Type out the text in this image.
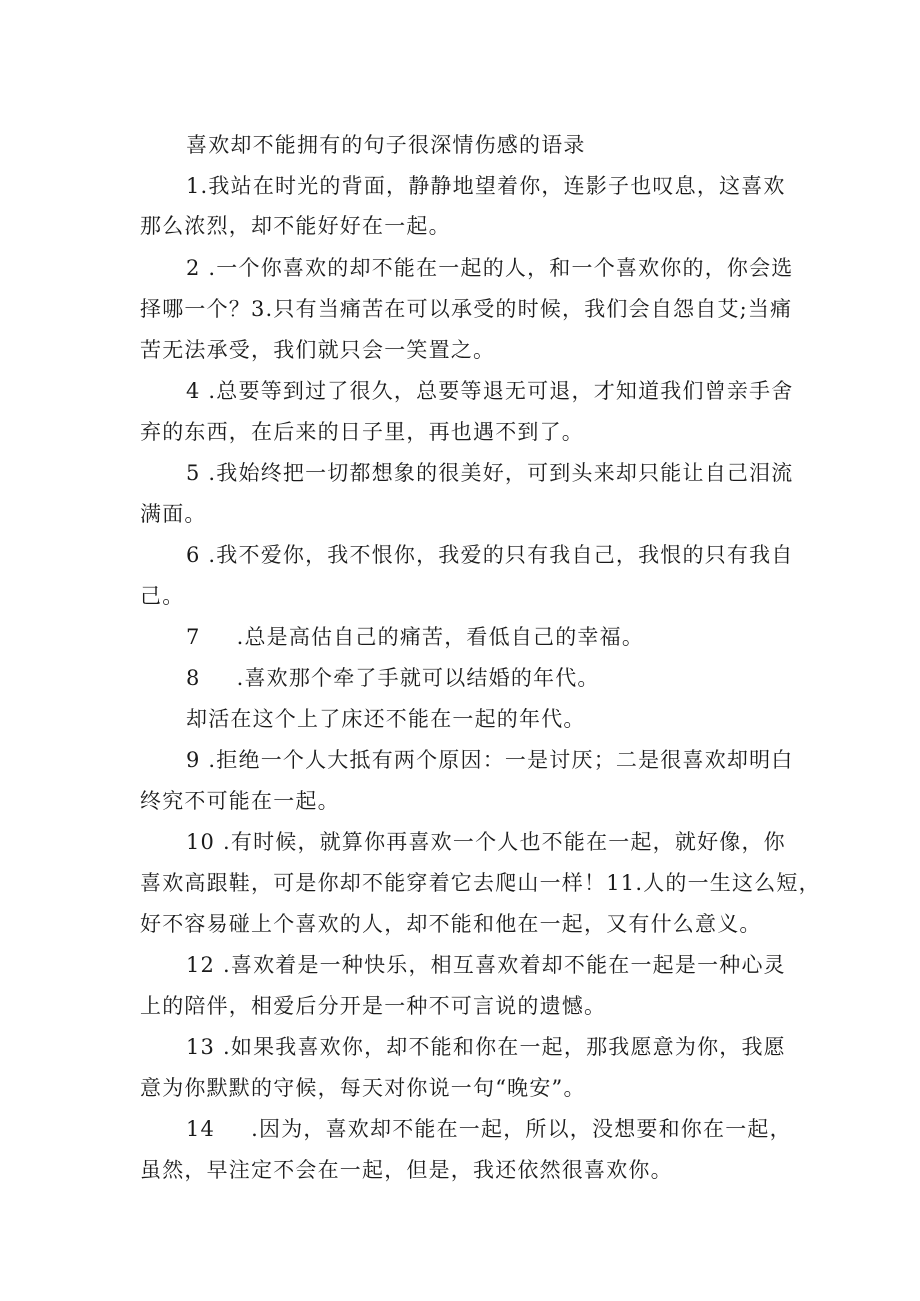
喜欢却不能拥有的句子很深情伤感的语录
1.我站在时光的背面，静静地望着你，连影子也叹息，这喜欢
那么浓烈，却不能好好在一起。
2 .一个你喜欢的却不能在一起的人，和一个喜欢你的，你会选
择哪一个？3.只有当痛苦在可以承受的时候，我们会自怨自艾;当痛
苦无法承受，我们就只会一笑置之。
4 .总要等到过了很久，总要等退无可退，才知道我们曾亲手舍
弃的东西，在后来的日子里，再也遇不到了。
5 .我始终把一切都想象的很美好，可到头来却只能让自己泪流
满面。
6 .我不爱你，我不恨你，我爱的只有我自己，我恨的只有我自
己。
7 .总是高估自己的痛苦，看低自己的幸福。
8 .喜欢那个牵了手就可以结婚的年代。
却活在这个上了床还不能在一起的年代。
9 .拒绝一个人大抵有两个原因：一是讨厌；二是很喜欢却明白
终究不可能在一起。
10 .有时候，就算你再喜欢一个人也不能在一起，就好像，你
喜欢高跟鞋，可是你却不能穿着它去爬山一样！11.人的一生这么短，
好不容易碰上个喜欢的人，却不能和他在一起，又有什么意义。
12 .喜欢着是一种快乐，相互喜欢着却不能在一起是一种心灵
上的陪伴，相爱后分开是一种不可言说的遗憾。
13 .如果我喜欢你，却不能和你在一起，那我愿意为你，我愿
意为你默默的守候，每天对你说一句“晚安”。
14 .因为，喜欢却不能在一起，所以，没想要和你在一起，
虽然，早注定不会在一起，但是，我还依然很喜欢你。
